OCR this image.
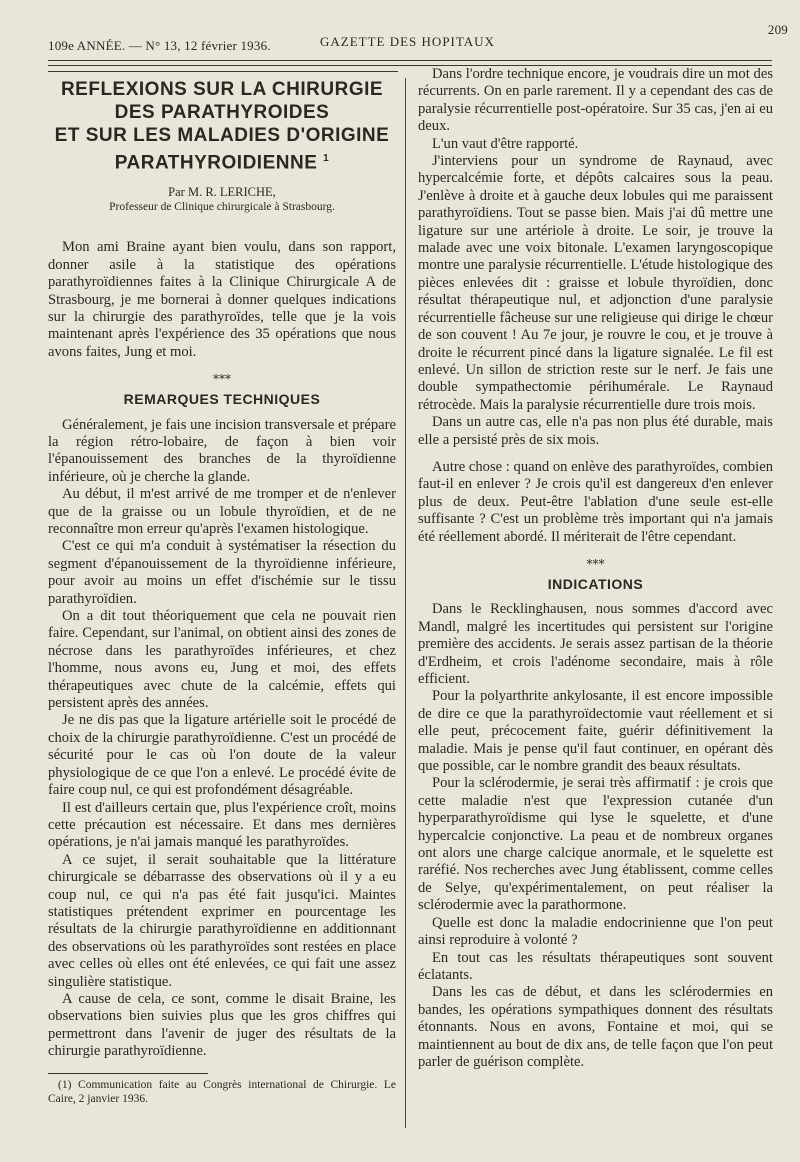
109e ANNÉE. — N° 13, 12 février 1936.	GAZETTE DES HOPITAUX
209
REFLEXIONS SUR LA CHIRURGIE
DES PARATHYROIDES
ET SUR LES MALADIES D'ORIGINE
PARATHYROIDIENNE $^1$

Par M. R. LERICHE,

Professeur de Clinique chirurgicale à Strasbourg.

Mon ami Braine ayant bien voulu, dans son rapport, donner asile à la statistique des opérations parathyroïdiennes faites à la Clinique Chirurgicale A de Strasbourg, je me bornerai à donner quelques indications sur la chirurgie des parathyroïdes, telle que je la vois maintenant après l'expérience des 35 opérations que nous avons faites, Jung et moi.

⁎⁎⁎
REMARQUES TECHNIQUES

Généralement, je fais une incision transversale et prépare la région rétro-lobaire, de façon à bien voir l'épanouissement des branches de la thyroïdienne inférieure, où je cherche la glande.

Au début, il m'est arrivé de me tromper et de n'enlever que de la graisse ou un lobule thyroïdien, et de ne reconnaître mon erreur qu'après l'examen histologique.

C'est ce qui m'a conduit à systématiser la résection du segment d'épanouissement de la thyroïdienne inférieure, pour avoir au moins un effet d'ischémie sur le tissu parathyroïdien.

On a dit tout théoriquement que cela ne pouvait rien faire. Cependant, sur l'animal, on obtient ainsi des zones de nécrose dans les parathyroïdes inférieures, et chez l'homme, nous avons eu, Jung et moi, des effets thérapeutiques avec chute de la calcémie, effets qui persistent après des années.

Je ne dis pas que la ligature artérielle soit le procédé de choix de la chirurgie parathyroïdienne. C'est un procédé de sécurité pour le cas où l'on doute de la valeur physiologique de ce que l'on a enlevé. Le procédé évite de faire coup nul, ce qui est profondément désagréable.

Il est d'ailleurs certain que, plus l'expérience croît, moins cette précaution est nécessaire. Et dans mes dernières opérations, je n'ai jamais manqué les parathyroïdes.

A ce sujet, il serait souhaitable que la littérature chirurgicale se débarrasse des observations où il y a eu coup nul, ce qui n'a pas été fait jusqu'ici. Maintes statistiques prétendent exprimer en pourcentage les résultats de la chirurgie parathyroïdienne en additionnant des observations où les parathyroïdes sont restées en place avec celles où elles ont été enlevées, ce qui fait une assez singulière statistique.

A cause de cela, ce sont, comme le disait Braine, les observations bien suivies plus que les gros chiffres qui permettront dans l'avenir de juger des résultats de la chirurgie parathyroïdienne.

(1) Communication faite au Congrès international de Chirurgie. Le Caire, 2 janvier 1936.

Dans l'ordre technique encore, je voudrais dire un mot des récurrents. On en parle rarement. Il y a cependant des cas de paralysie récurrentielle post-opératoire. Sur 35 cas, j'en ai eu deux.

L'un vaut d'être rapporté.

J'interviens pour un syndrome de Raynaud, avec hypercalcémie forte, et dépôts calcaires sous la peau. J'enlève à droite et à gauche deux lobules qui me paraissent parathyroïdiens. Tout se passe bien. Mais j'ai dû mettre une ligature sur une artériole à droite. Le soir, je trouve la malade avec une voix bitonale. L'examen laryngoscopique montre une paralysie récurrentielle. L'étude histologique des pièces enlevées dit : graisse et lobule thyroïdien, donc résultat thérapeutique nul, et adjonction d'une paralysie récurrentielle fâcheuse sur une religieuse qui dirige le chœur de son couvent ! Au 7e jour, je rouvre le cou, et je trouve à droite le récurrent pincé dans la ligature signalée. Le fil est enlevé. Un sillon de striction reste sur le nerf. Je fais une double sympathectomie périhumérale. Le Raynaud rétrocède. Mais la paralysie récurrentielle dure trois mois.

Dans un autre cas, elle n'a pas non plus été durable, mais elle a persisté près de six mois.

Autre chose : quand on enlève des parathyroïdes, combien faut-il en enlever ? Je crois qu'il est dangereux d'en enlever plus de deux. Peut-être l'ablation d'une seule est-elle suffisante ? C'est un problème très important qui n'a jamais été réellement abordé. Il mériterait de l'être cependant.

⁎⁎⁎
INDICATIONS

Dans le Recklinghausen, nous sommes d'accord avec Mandl, malgré les incertitudes qui persistent sur l'origine première des accidents. Je serais assez partisan de la théorie d'Erdheim, et crois l'adénome secondaire, mais à rôle efficient.

Pour la polyarthrite ankylosante, il est encore impossible de dire ce que la parathyroïdectomie vaut réellement et si elle peut, précocement faite, guérir définitivement la maladie. Mais je pense qu'il faut continuer, en opérant dès que possible, car le nombre grandit des beaux résultats.

Pour la sclérodermie, je serai très affirmatif : je crois que cette maladie n'est que l'expression cutanée d'un hyperparathyroïdisme qui lyse le squelette, et d'une hypercalcie conjonctive. La peau et de nombreux organes ont alors une charge calcique anormale, et le squelette est raréfié. Nos recherches avec Jung établissent, comme celles de Selye, qu'expérimentalement, on peut réaliser la sclérodermie avec la parathormone.

Quelle est donc la maladie endocrinienne que l'on peut ainsi reproduire à volonté ?

En tout cas les résultats thérapeutiques sont souvent éclatants.

Dans les cas de début, et dans les sclérodermies en bandes, les opérations sympathiques donnent des résultats étonnants. Nous en avons, Fontaine et moi, qui se maintiennent au bout de dix ans, de telle façon que l'on peut parler de guérison complète.
